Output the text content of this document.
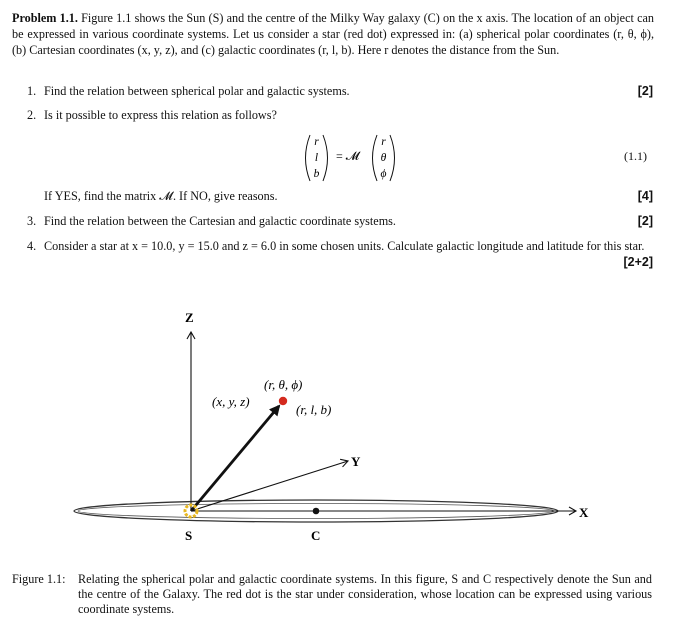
Problem 1.1. Figure 1.1 shows the Sun (S) and the centre of the Milky Way galaxy (C) on the x axis. The location of an object can be expressed in various coordinate systems. Let us consider a star (red dot) expressed in: (a) spherical polar coordinates (r, θ, ϕ), (b) Cartesian coordinates (x, y, z), and (c) galactic coordinates (r, l, b). Here r denotes the distance from the Sun.
1. Find the relation between spherical polar and galactic systems.	[2]
2. Is it possible to express this relation as follows?
r
l
b
= 𝓜
r
θ
ϕ
(1.1)
If YES, find the matrix 𝓜. If NO, give reasons.	[4]
3. Find the relation between the Cartesian and galactic coordinate systems.	[2]
4. Consider a star at x = 10.0, y = 15.0 and z = 6.0 in some chosen units. Calculate galactic longitude and latitude for this star.
[2+2]
X
Z
Y
S	C
(r, θ, ϕ)
(x, y, z)
(r, l, b)
Figure 1.1: Relating the spherical polar and galactic coordinate systems. In this figure, S and C respectively denote the Sun and the centre of the Galaxy. The red dot is the star under consideration, whose location can be expressed using various coordinate systems.
